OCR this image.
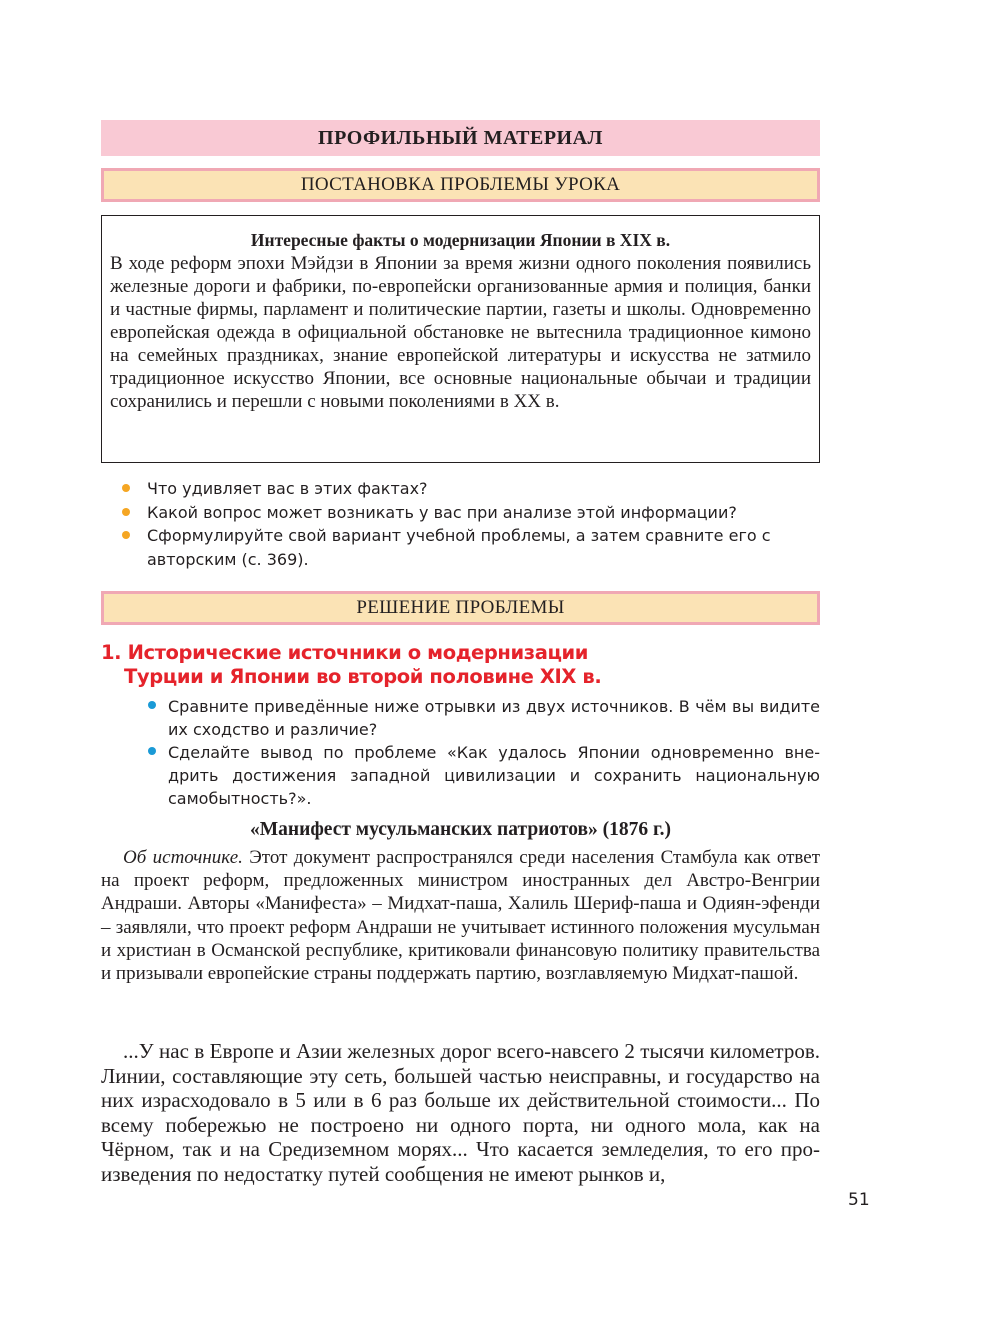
ПРОФИЛЬНЫЙ МАТЕРИАЛ
ПОСТАНОВКА ПРОБЛЕМЫ УРОКА

Интересные факты о модернизации Японии в XIX в.

В ходе реформ эпохи Мэйдзи в Японии за время жизни одного поколения появились железные дороги и фабрики, по-европейски организованные армия и полиция, банки и частные фирмы, парламент и политические партии, газеты и школы. Одновременно европейская одежда в официальной обстановке не вытеснила традиционное кимоно на семейных праздниках, знание европейской литературы и искусства не затмило традиционное искусство Японии, все основные национальные обычаи и традиции сохранились и перешли с новыми поколениями в XX в.

Что удивляет вас в этих фактах?
Какой вопрос может возникать у вас при анализе этой информации?
Сформулируйте свой вариант учебной проблемы, а затем сравните его с авторским (с. 369).
РЕШЕНИЕ ПРОБЛЕМЫ
1. Исторические источники о модернизации
Турции и Японии во второй половине XIX в.
Сравните приведённые ниже отрывки из двух источников. В чём вы видите их сходство и различие?
Сделайте вывод по проблеме «Как удалось Японии одновременно внедрить достижения западной цивилизации и сохранить национальную самобытность?».
«Манифест мусульманских патриотов» (1876 г.)

Об источнике. Этот документ распространялся среди населения Стамбула как ответ на проект реформ, предложенных министром иностранных дел Австро-Венгрии Андраши. Авторы «Манифеста» – Мидхат-паша, Халиль Шериф-паша и Одиян-эфенди – заявляли, что проект реформ Андраши не учитывает истинного положения мусульман и христиан в Османской республике, критиковали финансовую политику правительства и призывали европейские страны поддержать партию, возглавляемую Мидхат-пашой.

...У нас в Европе и Азии железных дорог всего-навсего 2 тысячи километров. Линии, составляющие эту сеть, большей частью неисправны, и государство на них израсходовало в 5 или в 6 раз больше их действительной стоимости... По всему побережью не построено ни одного порта, ни одного мола, как на Чёрном, так и на Средиземном морях... Что касается земледелия, то его произведения по недостатку путей сообщения не имеют рынков и,

51
